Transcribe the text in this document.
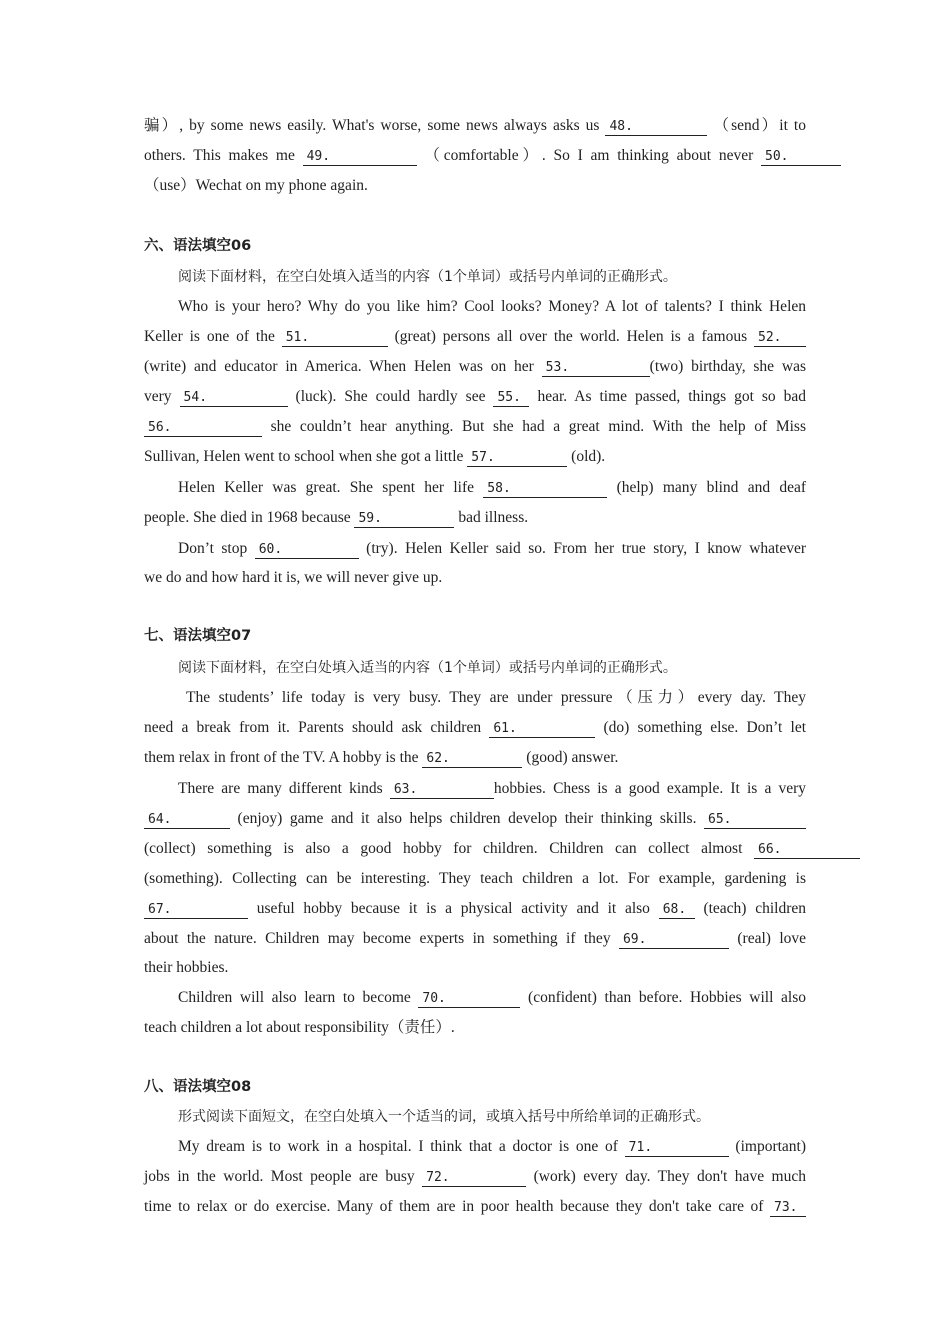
骗）, by some news easily. What's worse, some news always asks us 48.	（send）it to
others. This makes me 49.	（comfortable）. So I am thinking about never 50.
（use）Wechat on my phone again.
六、语法填空06
阅读下面材料，在空白处填入适当的内容（1个单词）或括号内单词的正确形式。
Who is your hero? Why do you like him? Cool looks? Money? A lot of talents? I think Helen
Keller is one of the 51.	(great) persons all over the world. Helen is a famous 52.
(write) and educator in America. When Helen was on her 53.	(two) birthday, she was
very 54.	(luck). She could hardly see 55. hear. As time passed, things got so bad
56.	she couldn’t hear anything. But she had a great mind. With the help of Miss
Sullivan, Helen went to school when she got a little 57.	(old).
Helen Keller was great. She spent her life 58.	(help) many blind and deaf
people. She died in 1968 because 59.	bad illness.
Don’t stop 60.	(try). Helen Keller said so. From her true story, I know whatever
we do and how hard it is, we will never give up.
七、语法填空07
阅读下面材料，在空白处填入适当的内容（1个单词）或括号内单词的正确形式。
The students’ life today is very busy. They are under pressure（压力）every day. They
need a break from it. Parents should ask children 61.	(do) something else. Don’t let
them relax in front of the TV. A hobby is the 62.	(good) answer.
There are many different kinds 63.	hobbies. Chess is a good example. It is a very
64.	(enjoy) game and it also helps children develop their thinking skills. 65.
(collect) something is also a good hobby for children. Children can collect almost 66.
(something). Collecting can be interesting. They teach children a lot. For example, gardening is
67.	useful hobby because it is a physical activity and it also 68. (teach) children
about the nature. Children may become experts in something if they 69.	(real) love
their hobbies.
Children will also learn to become 70.	(confident) than before. Hobbies will also
teach children a lot about responsibility（责任）.
八、语法填空08
形式阅读下面短文，在空白处填入一个适当的词，或填入括号中所给单词的正确形式。
My dream is to work in a hospital. I think that a doctor is one of 71.	(important)
jobs in the world. Most people are busy 72.	(work) every day. They don't have much
time to relax or do exercise. Many of them are in poor health because they don't take care of 73.
